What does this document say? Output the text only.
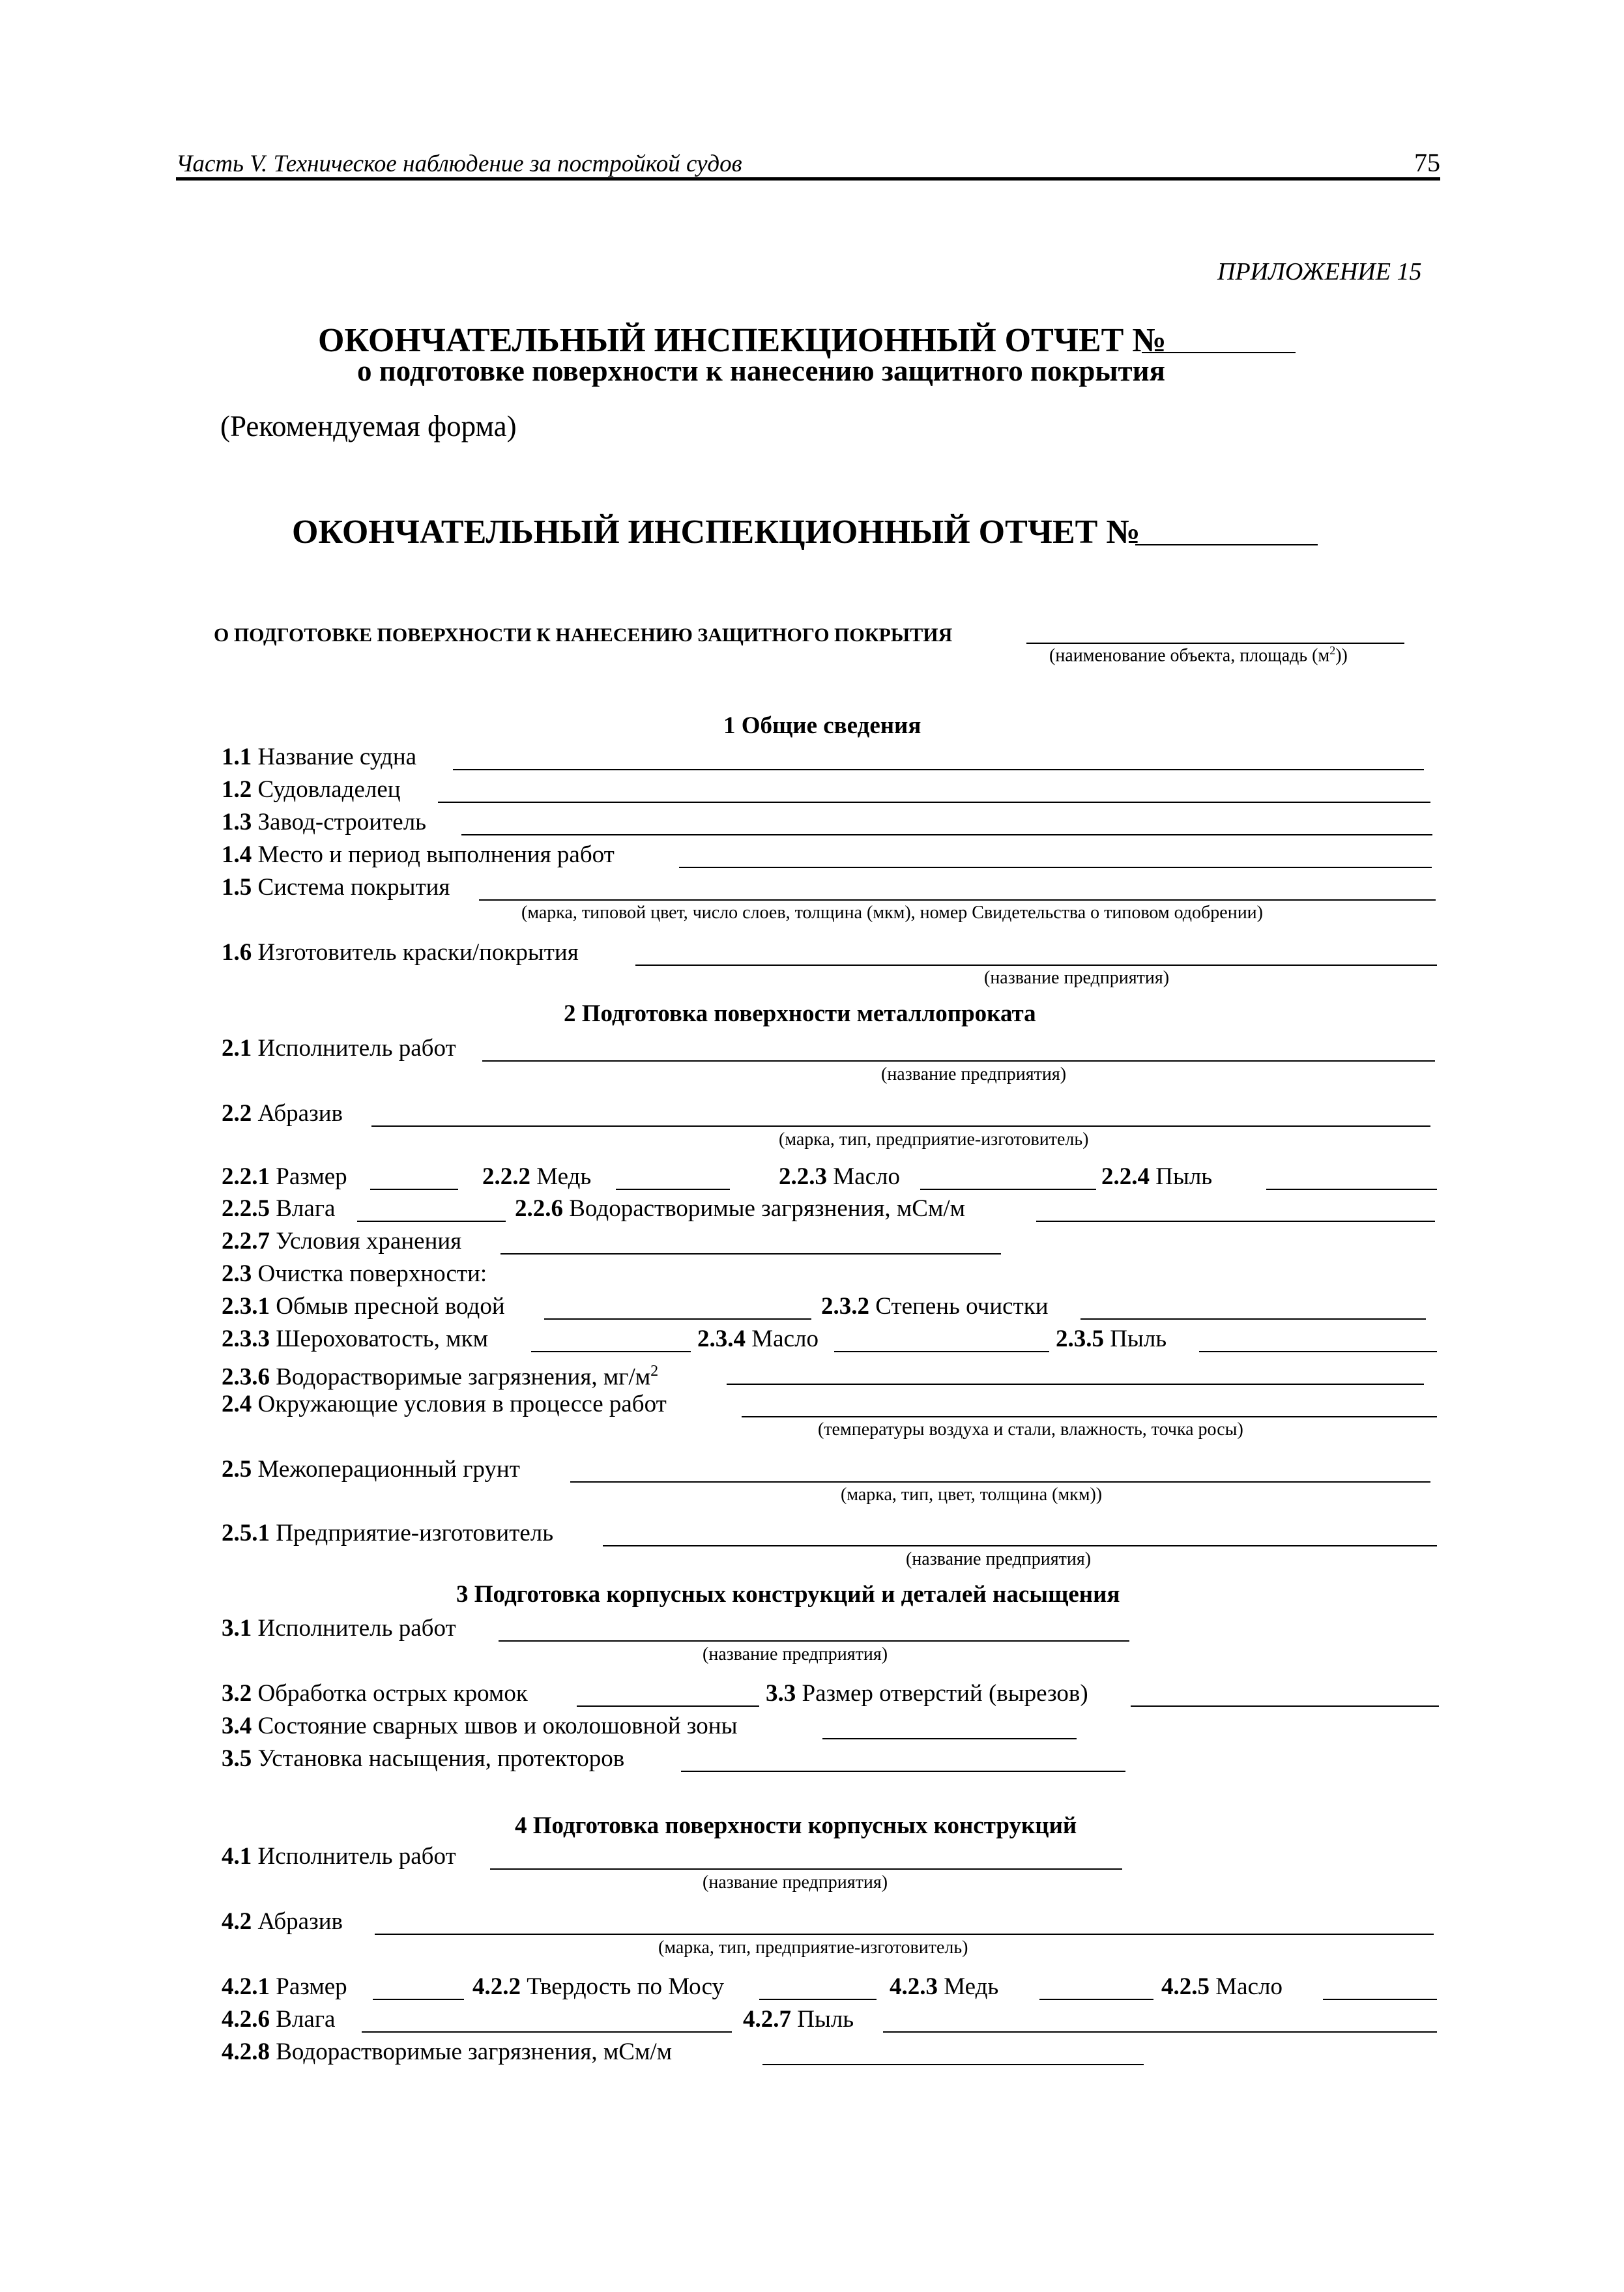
Часть V. Техническое наблюдение за постройкой судов	75
ПРИЛОЖЕНИЕ 15
ОКОНЧАТЕЛЬНЫЙ ИНСПЕКЦИОННЫЙ ОТЧЕТ №
о подготовке поверхности к нанесению защитного покрытия
(Рекомендуемая форма)
ОКОНЧАТЕЛЬНЫЙ ИНСПЕКЦИОННЫЙ ОТЧЕТ №
О ПОДГОТОВКЕ ПОВЕРХНОСТИ К НАНЕСЕНИЮ ЗАЩИТНОГО ПОКРЫТИЯ
(наименование объекта, площадь $(м^2)$)
1 Общие сведения
1.1 Название судна
1.2 Судовладелец
1.3 Завод-строитель
1.4 Место и период выполнения работ
1.5 Система покрытия
(марка, типовой цвет, число слоев, толщина (мкм), номер Свидетельства о типовом одобрении)
1.6 Изготовитель краски/покрытия
(название предприятия)
2 Подготовка поверхности металлопроката
2.1 Исполнитель работ
(название предприятия)
2.2 Абразив
(марка, тип, предприятие-изготовитель)
2.2.1 Размер	2.2.2 Медь	2.2.3 Масло	2.2.4 Пыль
2.2.5 Влага	2.2.6 Водорастворимые загрязнения, мСм/м
2.2.7 Условия хранения
2.3 Очистка поверхности:
2.3.1 Обмыв пресной водой	2.3.2 Степень очистки
2.3.3 Шероховатость, мкм	2.3.4 Масло	2.3.5 Пыль
2.3.6 Водорастворимые загрязнения, $мг/м^2$
2.4 Окружающие условия в процессе работ
(температуры воздуха и стали, влажность, точка росы)
2.5 Межоперационный грунт
(марка, тип, цвет, толщина (мкм))
2.5.1 Предприятие-изготовитель
(название предприятия)
3 Подготовка корпусных конструкций и деталей насыщения
3.1 Исполнитель работ
(название предприятия)
3.2 Обработка острых кромок	3.3 Размер отверстий (вырезов)
3.4 Состояние сварных швов и околошовной зоны
3.5 Установка насыщения, протекторов
4 Подготовка поверхности корпусных конструкций
4.1 Исполнитель работ
(название предприятия)
4.2 Абразив
(марка, тип, предприятие-изготовитель)
4.2.1 Размер	4.2.2 Твердость по Мосу	4.2.3 Медь	4.2.5 Масло
4.2.6 Влага	4.2.7 Пыль
4.2.8 Водорастворимые загрязнения, мСм/м
